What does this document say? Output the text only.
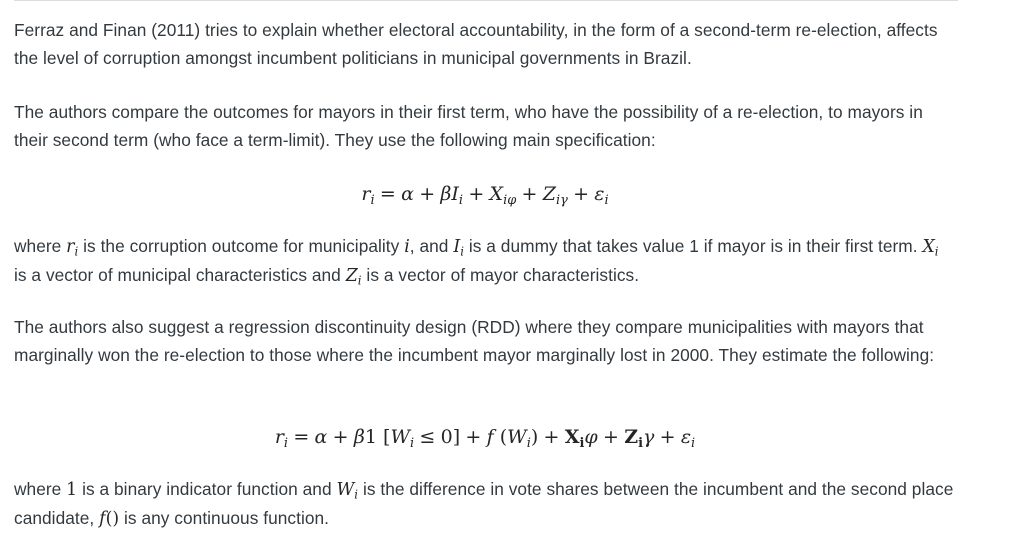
Ferraz and Finan (2011) tries to explain whether electoral accountability, in the form of a second-term re-election, affects the level of corruption amongst incumbent politicians in municipal governments in Brazil.

The authors compare the outcomes for mayors in their first term, who have the possibility of a re-election, to mayors in their second term (who face a term-limit). They use the following main specification:

$r_i = \alpha + \beta I_i + X_{i\varphi} + Z_{i\gamma} + \varepsilon_i$

where $r_i$ is the corruption outcome for municipality i, and $I_i$ is a dummy that takes value 1 if mayor is in their first term. $X_i$ is a vector of municipal characteristics and $Z_i$ is a vector of mayor characteristics.

The authors also suggest a regression discontinuity design (RDD) where they compare municipalities with mayors that marginally won the re-election to those where the incumbent mayor marginally lost in 2000. They estimate the following:

$r_i = \alpha + \beta 1$ $[W_i \le 0] + f$ $(W_i) + X_i\varphi + Z_i\gamma + \varepsilon_i$

where 1 is a binary indicator function and $W_i$ is the difference in vote shares between the incumbent and the second place candidate, f() is any continuous function.
